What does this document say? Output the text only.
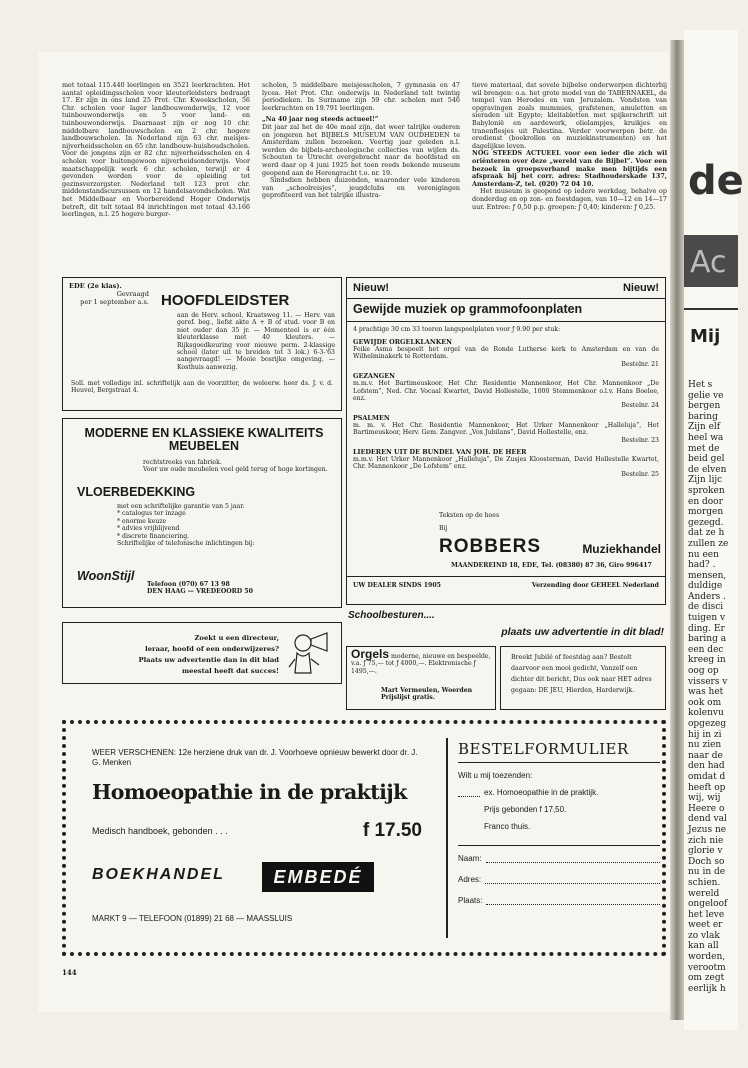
met totaal 115.440 leerlingen en 3521 leerkrachten. Het aantal opleidingsscholen voor kleuterleidsters bedraagt 17. Er zijn in ons land 25 Prot. Chr. Kweekscholen, 56 Chr. scholen voor lager landbouwonderwijs, 12 voor tuinbouwonderwijs en 5 voor land- en tuinbouwonderwijs. Daarnaast zijn er nog 10 chr. middelbare landbouwscholen en 2 chr. hogere landbouwscholen. In Nederland zijn 63 chr. meisjes-nijverheidsscholen en 65 chr. landbouw-huishoudscholen. Voor de jongens zijn er 82 chr. nijverheidsscholen en 4 scholen voor buitengewoon nijverheidsonderwijs. Voor maatschappelijk werk 6 chr. scholen, terwijl er 4 gevonden worden voor de opleiding tot gezinsverzorgster. Nederland telt 123 prot chr. middenstandscursussen en 12 handelsavondscholen. Wat het Middelbaar en Voorbereidend Hoger Onderwijs betreft, dit telt totaal 84 inrichtingen met totaal 43.166 leerlingen, n.l. 25 hogere burger-
scholen, 5 middelbare meisjesscholen, 7 gymnasia en 47 lycea. Het Prot. Chr. onderwijs in Nederland telt twintig periodieken. In Suriname zijn 59 chr. scholen met 546 leerkrachten en 19.791 leerlingen.
„Na 40 jaar nog steeds actueel!”
Dit jaar zal het de 40e maal zijn, dat weer talrijke ouderen en jongeren het BIJBELS MUSEUM VAN OUDHEDEN te Amsterdam zullen bezoeken. Veertig jaar geleden n.l. werden de bijbels-archeologische collecties van wijlen ds. Schouten te Utrecht overgebracht naar de hoofdstad en werd daar op 4 juni 1925 het toen reeds bekende museum geopend aan de Herengracht t.o. nr. 19.
Sindsdien hebben duizenden, waaronder vele kinderen van „schoolreisjes”, jeugdclubs en verenigingen geprofiteerd van het talrijke illustra-
tieve materiaal, dat sovele bijbelse onderwerpen dichterbij wil brengen: o.a. het grote model van de TABERNAKEL, de tempel van Herodes en van Jeruzalem. Vondsten van opgravingen zoals mummies, grafstenen, amuletten en sieraden uit Egypte; kleitabletten met spijkerschrift uit Babylonië en aardewerk, olielampjes, kruikjes en tranenflesjes uit Palestina. Verder voorwerpen betr. de eredienst (boekrollen en muziekinstrumenten) en het dagelijkse leven.
NOG STEEDS ACTUEEL voor een ieder die zich wil oriënteren over deze „wereld van de Bijbel”. Voor een bezoek in groepsverband make men bijtijds een afspraak bij het corr. adres: Stadhouderskade 137, Amsterdam-Z, tel. (020) 72 04 10.
Het museum is geopend op iedere werkdag, behalve op donderdag en op zon- en feestdagen, van 10—12 en 14—17 uur. Entree: ƒ 0,50 p.p. groepen: ƒ 0,40; kinderen: ƒ 0,25.
EDE (2e klas).
Gevraagd
per 1 september a.s. HOOFDLEIDSTER
aan de Herv. school, Kraatsweg 11. — Herv. van geref. beg., liefst akte A + B of stud. voor B en niet ouder dan 35 jr. — Momenteel is er één kleuterklasse met 40 kleuters. — Rijksgoedkeuring voor nieuwe perm. 2-klassige school (later uit te breiden tot 3 lok.) 6-3-'63 aangevraagd! — Mooie bosrijke omgeving. — Kosthuis aanwezig.
Soll. met volledige inl. schriftelijk aan de voorzitter, de weleerw. heer ds. J. v. d. Heuvel, Bergstraat 4.
MODERNE EN KLASSIEKE KWALITEITS MEUBELEN
rechtstreeks van fabriek.
Voor uw oude meubelen veel geld terug of hoge kortingen.
VLOERBEDEKKING
met een schriftelijke garantie van 5 jaar.
* catalogus ter inzage
* enorme keuze
* advies vrijblijvend
* discrete financiering.
Schriftelijke of telefonische inlichtingen bij:
WoonStijl
Telefoon (070) 67 13 98
DEN HAAG — VREDEOORD 50
Zoekt u een directeur,
leraar, hoofd of een onderwijzeres?
Plaats uw advertentie dan in dit blad
meestal heeft dat succes!
Nieuw!	Nieuw!
Gewijde muziek op grammofoonplaten
4 prachtige 30 cm 33 toeren langspeelplaten voor ƒ 9.90 per stuk:
GEWIJDE ORGELKLANKEN
Feike Asma bespeelt het orgel van de Ronde Lutherse kerk te Amsterdam en van de Wilhelminakerk te Rotterdam.
Bestelnr. 21
GEZANGEN
m.m.v. Het Bartimeuskoor, Het Chr. Residentie Mannenkoor, Het Chr. Mannenkoor „De Lofstem”, Ned. Chr. Vocaal Kwartet, David Hollestelle, 1000 Stemmenkoor o.l.v. Hans Boelee, enz.
Bestelnr. 24
PSALMEN
m. m. v. Het Chr. Residentie Mannenkoor, Het Urker Mannenkoor „Halleluja”, Het Bartimeuskoor, Herv. Gem. Zangver. „Vox Jubilans”, David Hollestelle, enz.
Bestelnr. 23
LIEDEREN UIT DE BUNDEL VAN JOH. DE HEER
m.m.v. Het Urker Mannenkoor „Halleluja”, De Zusjes Kloosterman, David Hollestelle Kwartet, Chr. Mannenkoor „De Lofstem” enz.
Bestelnr. 25
Teksten op de hoes
Bij
ROBBERS	Muziekhandel
MAANDEREIND 18, EDE, Tel. (08380) 87 36, Giro 996417
UW DEALER SINDS 1905	Verzending door GEHEEL Nederland
Schoolbesturen....
plaats uw advertentie in dit blad!
Orgels moderne, nieuwe en bespeelde, v.a. ƒ 75,— tot ƒ 4000,—. Elektronische ƒ 1495,—.
Mart Vermeulen, Woerden
Prijslijst gratis.
Breekt Jubilé of feestdag aan? Bestelt daarvoor een mooi gedicht, Vanzelf een dichter dit bericht, Dus ook naar HET adres gegaan: DE JEU, Hierden, Harderwijk.
WEER VERSCHENEN: 12e herziene druk van dr. J. Voorhoeve opnieuw bewerkt door dr. J. G. Menken
Homoeopathie in de praktijk
Medisch handboek, gebonden . . .	f 17.50
BOEKHANDEL	EMBEDÉ
MARKT 9 — TELEFOON (01899) 21 68 — MAASSLUIS
BESTELFORMULIER
Wilt u mij toezenden:
ex. Homoeopathie in de praktijk.
Prijs gebonden f 17,50.
Franco thuis.
Naam:
Adres:
Plaats:
144
de
Ac
Mij
Het s
gelie ve
bergen
baring
Zijn elf
heel wa
met de
beid gel
de elven
Zijn lijc
sproken
en door
morgen
gezegd.
dat ze h
zullen ze
nu een
had? .
mensen,
duldige
Anders .
de disci
tuigen v
ding. Er
baring a
een dec
kreeg in
oog op
vissers v
was het
ook om
kolenvu
opgezeg
hij in zi
nu zien
naar de
den had
omdat d
heeft op
wij, wij
Heere o
dend val
Jezus ne
zich nie
glorie v
Doch so
nu in de
schien.
wereld
ongeloof
het leve
weet er
zo vlak
kan all
worden,
verootm
om zegt
eerlijk h
